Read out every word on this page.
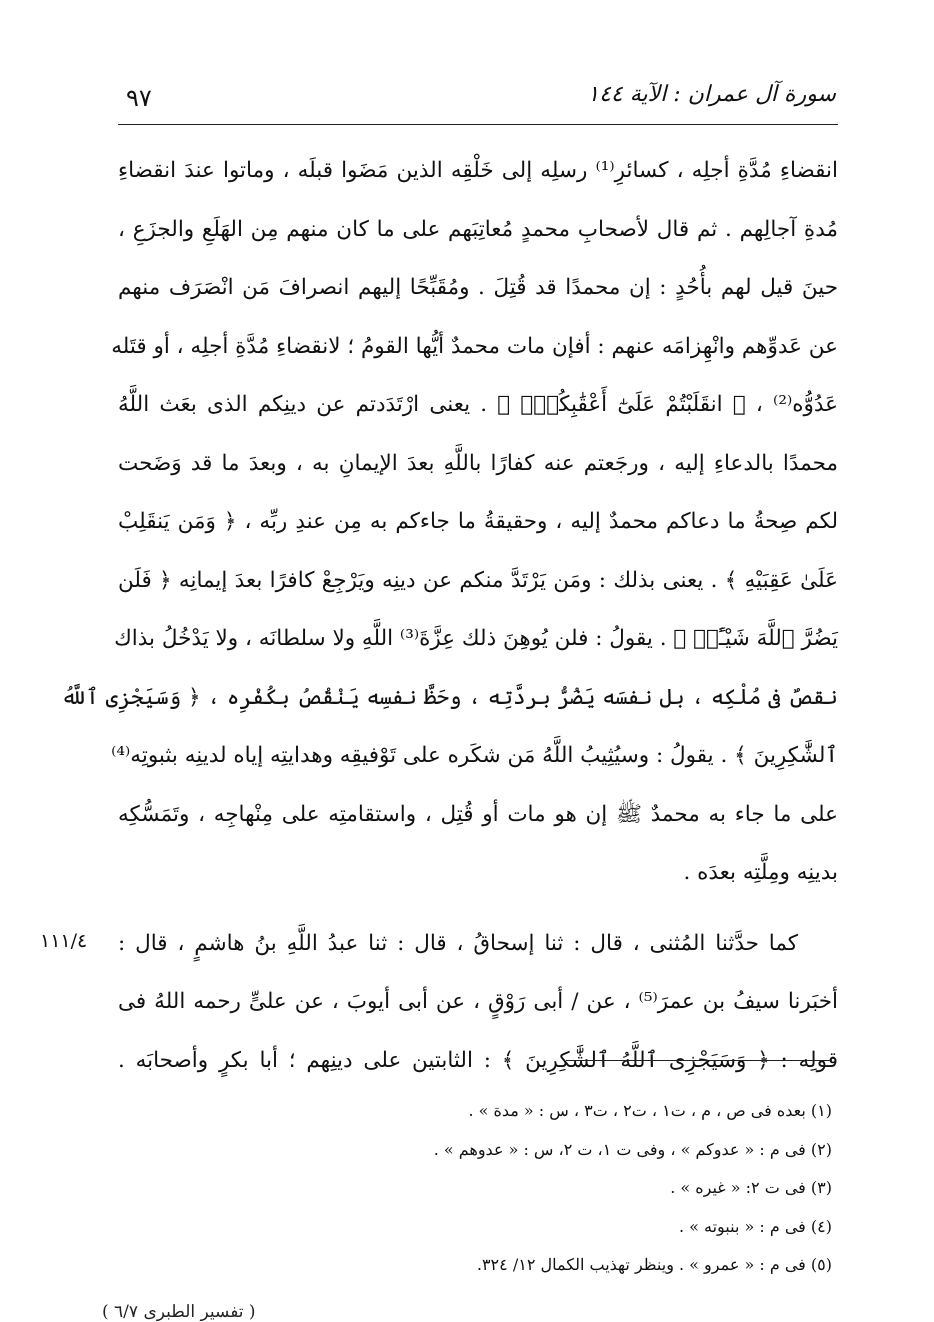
٩٧	سورة آل عمران : الآية ١٤٤
انقضاءِ مُدَّةِ أجلِه ، كسائرِ⁽¹⁾ رسلِه إلى خَلْقِه الذين مَضَوا قبلَه ، وماتوا عندَ انقضاءِ
مُدةِ آجالِهم . ثم قال لأصحابِ محمدٍ مُعاتِبَهم على ما كان منهم مِن الهَلَعِ والجزَعِ ،
حينَ قيل لهم بأُحُدٍ : إن محمدًا قد قُتِلَ . ومُقَبِّحًا إليهم انصرافَ مَن انْصَرَف منهم
عن عَدوِّهم وانْهِزامَه عنهم : أفإن مات محمدٌ أيُّها القومُ ؛ لانقضاءِ مُدَّةِ أجلِه ، أو قتَله
عَدُوُّه⁽²⁾ ، ﴿ انقَلَبْتُمْ عَلَىٰٓ أَعْقَٰبِكُمْۚ ﴾ . يعنى ارْتَدَدتم عن دينِكم الذى بعَث اللَّهُ
محمدًا بالدعاءِ إليه ، ورجَعتم عنه كفارًا باللَّهِ بعدَ الإيمانِ به ، وبعدَ ما قد وَضَحت
لكم صِحةُ ما دعاكم محمدٌ إليه ، وحقيقةُ ما جاءكم به مِن عندِ ربِّه ، ﴿ وَمَن يَنقَلِبْ
عَلَىٰ عَقِبَيْهِ ﴾ . يعنى بذلك : ومَن يَرْتَدَّ منكم عن دينِه ويَرْجِعْ كافرًا بعدَ إيمانِه ﴿ فَلَن
يَضُرَّ ٱللَّهَ شَيْـًٔاۗ ﴾ . يقولُ : فلن يُوهِنَ ذلك عِزَّةَ⁽³⁾ اللَّهِ ولا سلطانَه ، ولا يَدْخُلُ بذاك
نقصٌ فى مُلْكِه ، بل نفسَه يَضُرُّ بردَّتِه ، وحَظَّ نفسِه يَنْقُصُ بكُفْرِه ، ﴿ وَسَيَجْزِى ٱللَّهُ
ٱلشَّٰكِرِينَ ﴾ . يقولُ : وسيُثِيبُ اللَّهُ مَن شكَره على تَوْفيقِه وهدايتِه إياه لدينِه بثبوتِه⁽⁴⁾
على ما جاء به محمدٌ ﷺ إن هو مات أو قُتِل ، واستقامتِه على مِنْهاجِه ، وتَمَسُّكِه
بدينِه ومِلَّتِه بعدَه .
كما حدَّثنا المُثنى ، قال : ثنا إسحاقُ ، قال : ثنا عبدُ اللَّهِ بنُ هاشمٍ ، قال :
أخبَرنا سيفُ بن عمرَ⁽⁵⁾ ، عن / أبى رَوْقٍ ، عن أبى أيوبَ ، عن علىٍّ رحمه اللهُ فى
قولِه : ﴿ وَسَيَجْزِى ٱللَّهُ ٱلشَّٰكِرِينَ ﴾ : الثابتين على دينِهم ؛ أبا بكرٍ وأصحابَه .
١١١/٤
(١) بعده فى ص ، م ، ت١ ، ت٢ ، ت٣ ، س : « مدة » .
(٢) فى م : « عدوكم » ، وفى ت ١، ت ٢، س : « عدوهم » .
(٣) فى ت ٢: « غيره » .
(٤) فى م : « بنبوته » .
(٥) فى م : « عمرو » . وينظر تهذيب الكمال ١٢/ ٣٢٤.
( تفسير الطبرى ٦/٧ )
